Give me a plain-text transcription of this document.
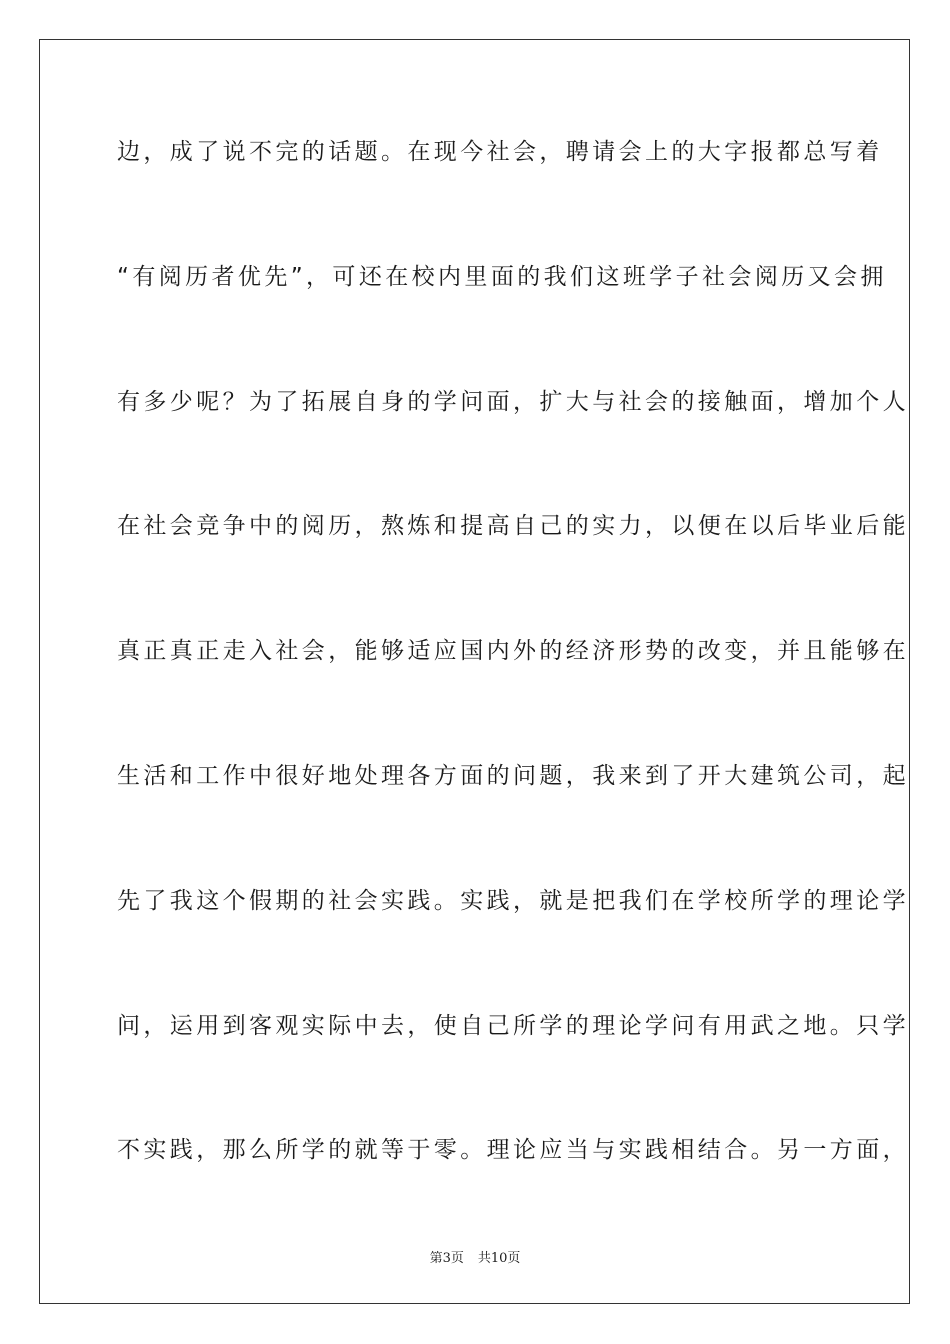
边，成了说不完的话题。在现今社会，聘请会上的大字报都总写着
“有阅历者优先”，可还在校内里面的我们这班学子社会阅历又会拥
有多少呢？为了拓展自身的学问面，扩大与社会的接触面，增加个人
在社会竞争中的阅历，熬炼和提高自己的实力，以便在以后毕业后能
真正真正走入社会，能够适应国内外的经济形势的改变，并且能够在
生活和工作中很好地处理各方面的问题，我来到了开大建筑公司，起
先了我这个假期的社会实践。实践，就是把我们在学校所学的理论学
问，运用到客观实际中去，使自己所学的理论学问有用武之地。只学
不实践，那么所学的就等于零。理论应当与实践相结合。另一方面，
第3页 共10页
